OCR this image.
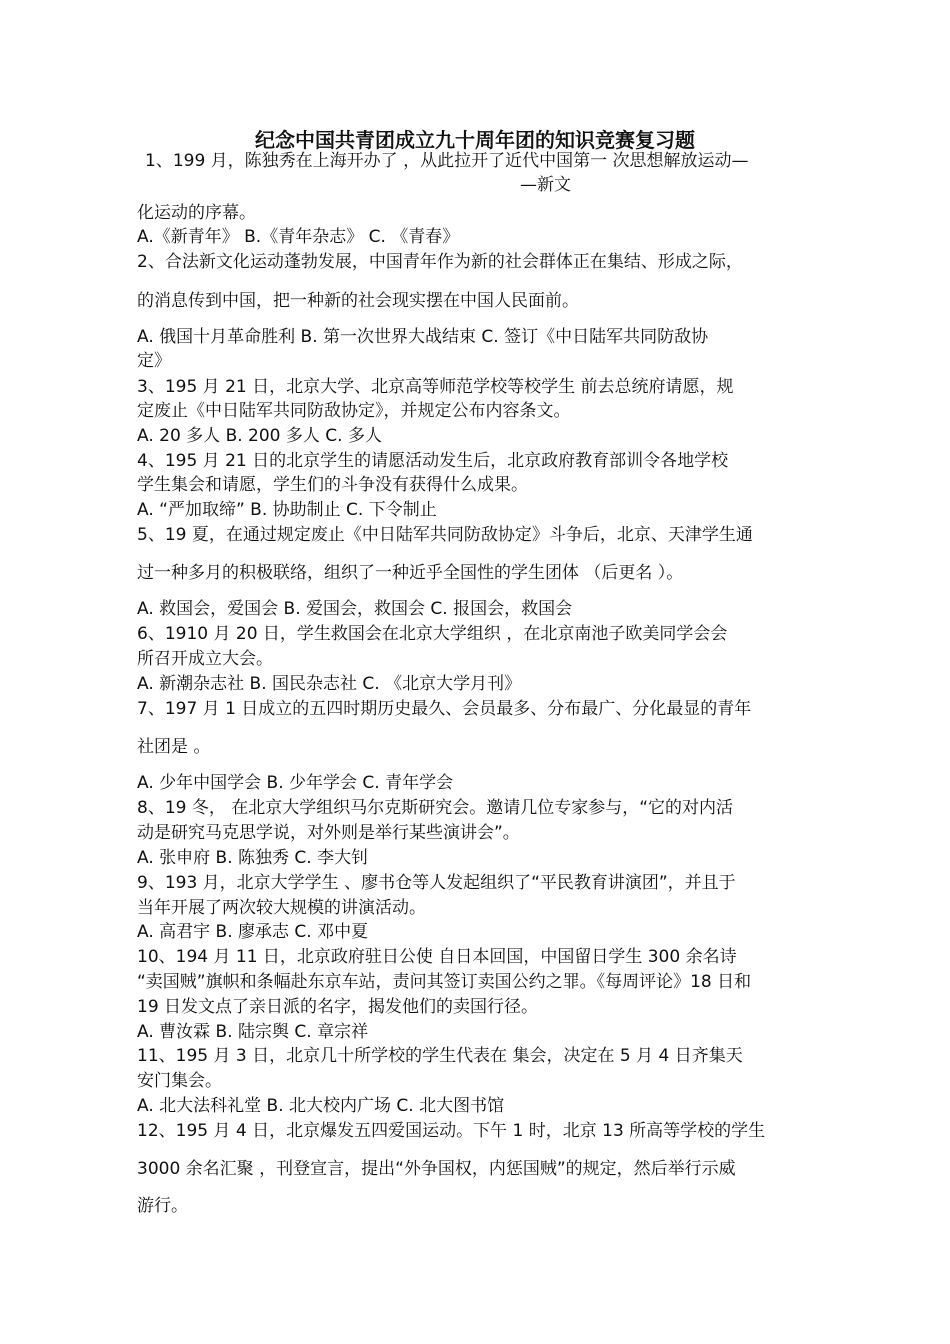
纪念中国共青团成立九十周年团的知识竞赛复习题
1、199 月，陈独秀在上海开办了 ，从此拉开了近代中国第一 次思想解放运动—
—新文
化运动的序幕。
A.《新青年》 B.《青年杂志》 C. 《青春》
2、合法新文化运动蓬勃发展，中国青年作为新的社会群体正在集结、形成之际，
的消息传到中国，把一种新的社会现实摆在中国人民面前。
A. 俄国十月革命胜利 B. 第一次世界大战结束 C. 签订《中日陆军共同防敌协
定》
3、195 月 21 日，北京大学、北京高等师范学校等校学生 前去总统府请愿，规
定废止《中日陆军共同防敌协定》，并规定公布内容条文。
A. 20 多人 B. 200 多人 C. 多人
4、195 月 21 日的北京学生的请愿活动发生后，北京政府教育部训令各地学校
学生集会和请愿，学生们的斗争没有获得什么成果。
A. “严加取缔” B. 协助制止 C. 下令制止
5、19 夏，在通过规定废止《中日陆军共同防敌协定》斗争后，北京、天津学生通
过一种多月的积极联络，组织了一种近乎全国性的学生团体 （后更名 ）。
A. 救国会，爱国会 B. 爱国会，救国会 C. 报国会，救国会
6、1910 月 20 日，学生救国会在北京大学组织 ，在北京南池子欧美同学会会
所召开成立大会。
A. 新潮杂志社 B. 国民杂志社 C. 《北京大学月刊》
7、197 月 1 日成立的五四时期历史最久、会员最多、分布最广、分化最显的青年
社团是 。
A. 少年中国学会 B. 少年学会 C. 青年学会
8、19 冬， 在北京大学组织马尔克斯研究会。邀请几位专家参与，“它的对内活
动是研究马克思学说，对外则是举行某些演讲会”。
A. 张申府 B. 陈独秀 C. 李大钊
9、193 月，北京大学学生 、廖书仓等人发起组织了“平民教育讲演团”，并且于
当年开展了两次较大规模的讲演活动。
A. 高君宇 B. 廖承志 C. 邓中夏
10、194 月 11 日，北京政府驻日公使 自日本回国，中国留日学生 300 余名诗
“卖国贼”旗帜和条幅赴东京车站，责问其签订卖国公约之罪。《每周评论》18 日和
19 日发文点了亲日派的名字，揭发他们的卖国行径。
A. 曹汝霖 B. 陆宗舆 C. 章宗祥
11、195 月 3 日，北京几十所学校的学生代表在 集会，决定在 5 月 4 日齐集天
安门集会。
A. 北大法科礼堂 B. 北大校内广场 C. 北大图书馆
12、195 月 4 日，北京爆发五四爱国运动。下午 1 时，北京 13 所高等学校的学生
3000 余名汇聚 ，刊登宣言，提出“外争国权，内惩国贼”的规定，然后举行示威
游行。
